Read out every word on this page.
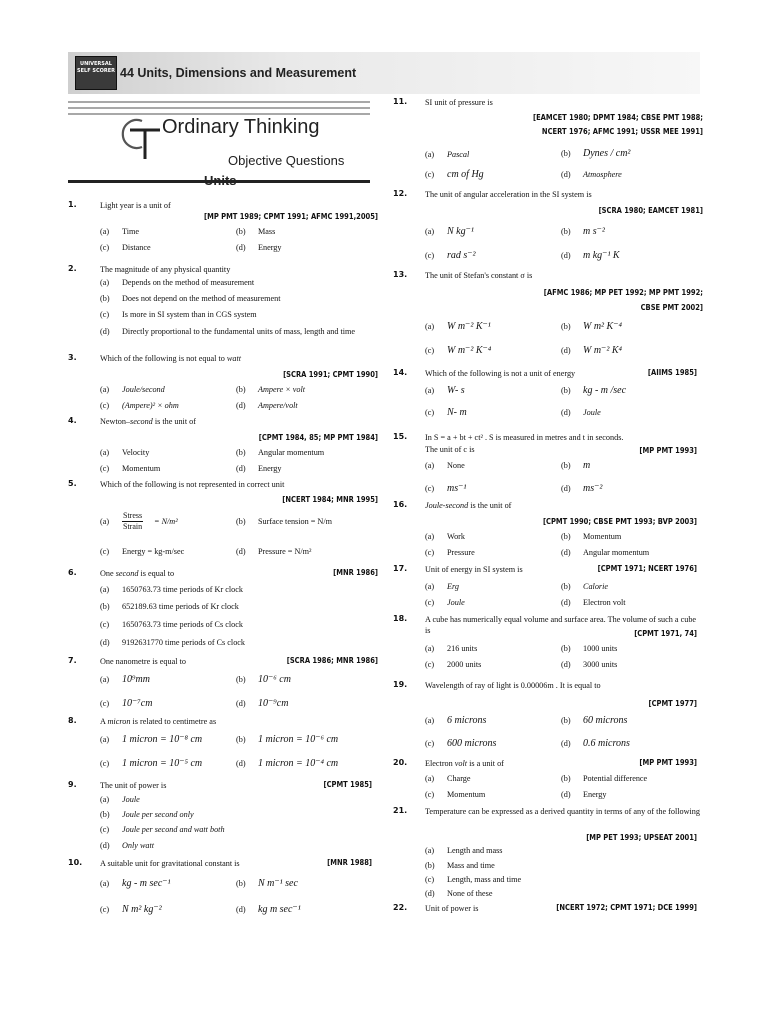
UNIVERSAL
SELF SCORER 44 Units, Dimensions and Measurement
Ordinary Thinking
Objective Questions
1.	Light year is a unit of
[MP PMT 1989; CPMT 1991; AFMC 1991,2005]
(a) Time	(b) Mass
(c) Distance	(d) Energy
2.	The magnitude of any physical quantity
(a) Depends on the method of measurement
(b) Does not depend on the method of measurement
(c) Is more in SI system than in CGS system
(d) Directly proportional to the fundamental units of mass, length and time
3.	Which of the following is not equal to watt
[SCRA 1991; CPMT 1990]
(a) Joule/second	(b) Ampere × volt
(c) (Ampere)² × ohm	(d) Ampere/volt
4.	Newton–second is the unit of
[CPMT 1984, 85; MP PMT 1984]
(a) Velocity	(b) Angular momentum
(c) Momentum	(d) Energy
5.	Which of the following is not represented in correct unit
[NCERT 1984; MNR 1995]
(a)
Stress
Strain
= N/m²	(b) Surface tension = N/m
(c) Energy = kg-m/sec	(d) Pressure = N/m²
6.	One second is equal to	[MNR 1986]
(a) 1650763.73 time periods of Kr clock
(b) 652189.63 time periods of Kr clock
(c) 1650763.73 time periods of Cs clock
(d) 9192631770 time periods of Cs clock
7.	One nanometre is equal to	[SCRA 1986; MNR 1986]
(a) 10⁹mm	(b) 10⁻⁶ cm
(c) 10⁻⁷cm	(d) 10⁻⁹cm
8.	A micron is related to centimetre as
(a) 1 micron = 10⁻⁸ cm	(b) 1 micron = 10⁻⁶ cm
(c) 1 micron = 10⁻⁵ cm	(d) 1 micron = 10⁻⁴ cm
9.	The unit of power is	[CPMT 1985]
(a) Joule
(b) Joule per second only
(c) Joule per second and watt both
(d) Only watt
10. A suitable unit for gravitational constant is	[MNR 1988]
(a) kg - m sec⁻¹	(b) N m⁻¹ sec
(c) N m² kg⁻²	(d) kg m sec⁻¹
11. SI unit of pressure is
[EAMCET 1980; DPMT 1984; CBSE PMT 1988;
NCERT 1976; AFMC 1991; USSR MEE 1991]
(a) Pascal	(b) Dynes / cm²
(c) cm of Hg	(d) Atmosphere
12. The unit of angular acceleration in the SI system is
[SCRA 1980; EAMCET 1981]
(a) N kg⁻¹	(b) m s⁻²
(c) rad s⁻²	(d) m kg⁻¹ K
13. The unit of Stefan's constant σ is
[AFMC 1986; MP PET 1992; MP PMT 1992;
CBSE PMT 2002]
(a) W m⁻² K⁻¹	(b) W m² K⁻⁴
(c) W m⁻² K⁻⁴	(d) W m⁻² K⁴
14. Which of the following is not a unit of energy	[AIIMS 1985]
(a) W- s	(b) kg - m /sec
(c) N- m	(d) Joule
15. In S = a + bt + ct² . S is measured in metres and t in seconds.
The unit of c is	[MP PMT 1993]
(a) None	(b) m
(c) ms⁻¹	(d) ms⁻²
16. Joule-second is the unit of
[CPMT 1990; CBSE PMT 1993; BVP 2003]
(a) Work	(b) Momentum
(c) Pressure	(d) Angular momentum
17. Unit of energy in SI system is	[CPMT 1971; NCERT 1976]
(a) Erg	(b) Calorie
(c) Joule	(d) Electron volt
18. A cube has numerically equal volume and surface area. The volume of such a cube is	[CPMT 1971, 74]
(a) 216 units	(b) 1000 units
(c) 2000 units	(d) 3000 units
19. Wavelength of ray of light is 0.00006m . It is equal to
[CPMT 1977]
(a) 6 microns	(b) 60 microns
(c) 600 microns	(d) 0.6 microns
20. Electron volt is a unit of	[MP PMT 1993]
(a) Charge	(b) Potential difference
(c) Momentum	(d) Energy
21. Temperature can be expressed as a derived quantity in terms of any of the following
[MP PET 1993; UPSEAT 2001]
(a) Length and mass
(b) Mass and time
(c) Length, mass and time
(d) None of these
22. Unit of power is	[NCERT 1972; CPMT 1971; DCE 1999]
